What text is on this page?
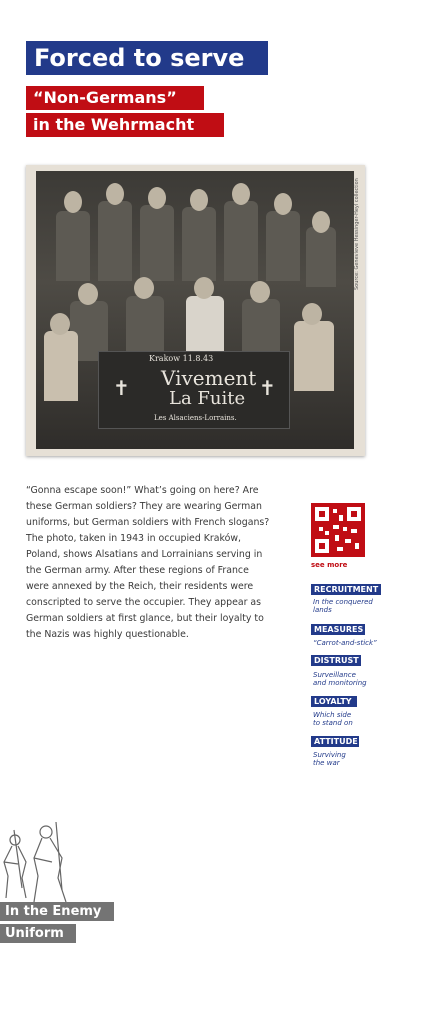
Forced to serve
“Non-Germans”
in the Wehrmacht
Krakow 11.8.43
Vivement
La Fuite
Les Alsaciens-Lorrains.
✝	✝
Source: Genevieve Hessinger-Heyl collection
“Gonna escape soon!” What’s going on here? Are these German soldiers? They are wearing German uniforms, but German soldiers with French slogans? The photo, taken in 1943 in occupied Kraków, Poland, shows Alsatians and Lorrainians serving in the German army. After these regions of France were annexed by the Reich, their residents were conscripted to serve the occupier. They appear as German soldiers at first glance, but their loyalty to the Nazis was highly questionable.
see more
RECRUITMENT
In the conquered
lands
MEASURES
“Carrot-and-stick”
DISTRUST
Surveillance
and monitoring
LOYALTY
Which side
to stand on
ATTITUDE
Surviving
the war
In the Enemy
Uniform
